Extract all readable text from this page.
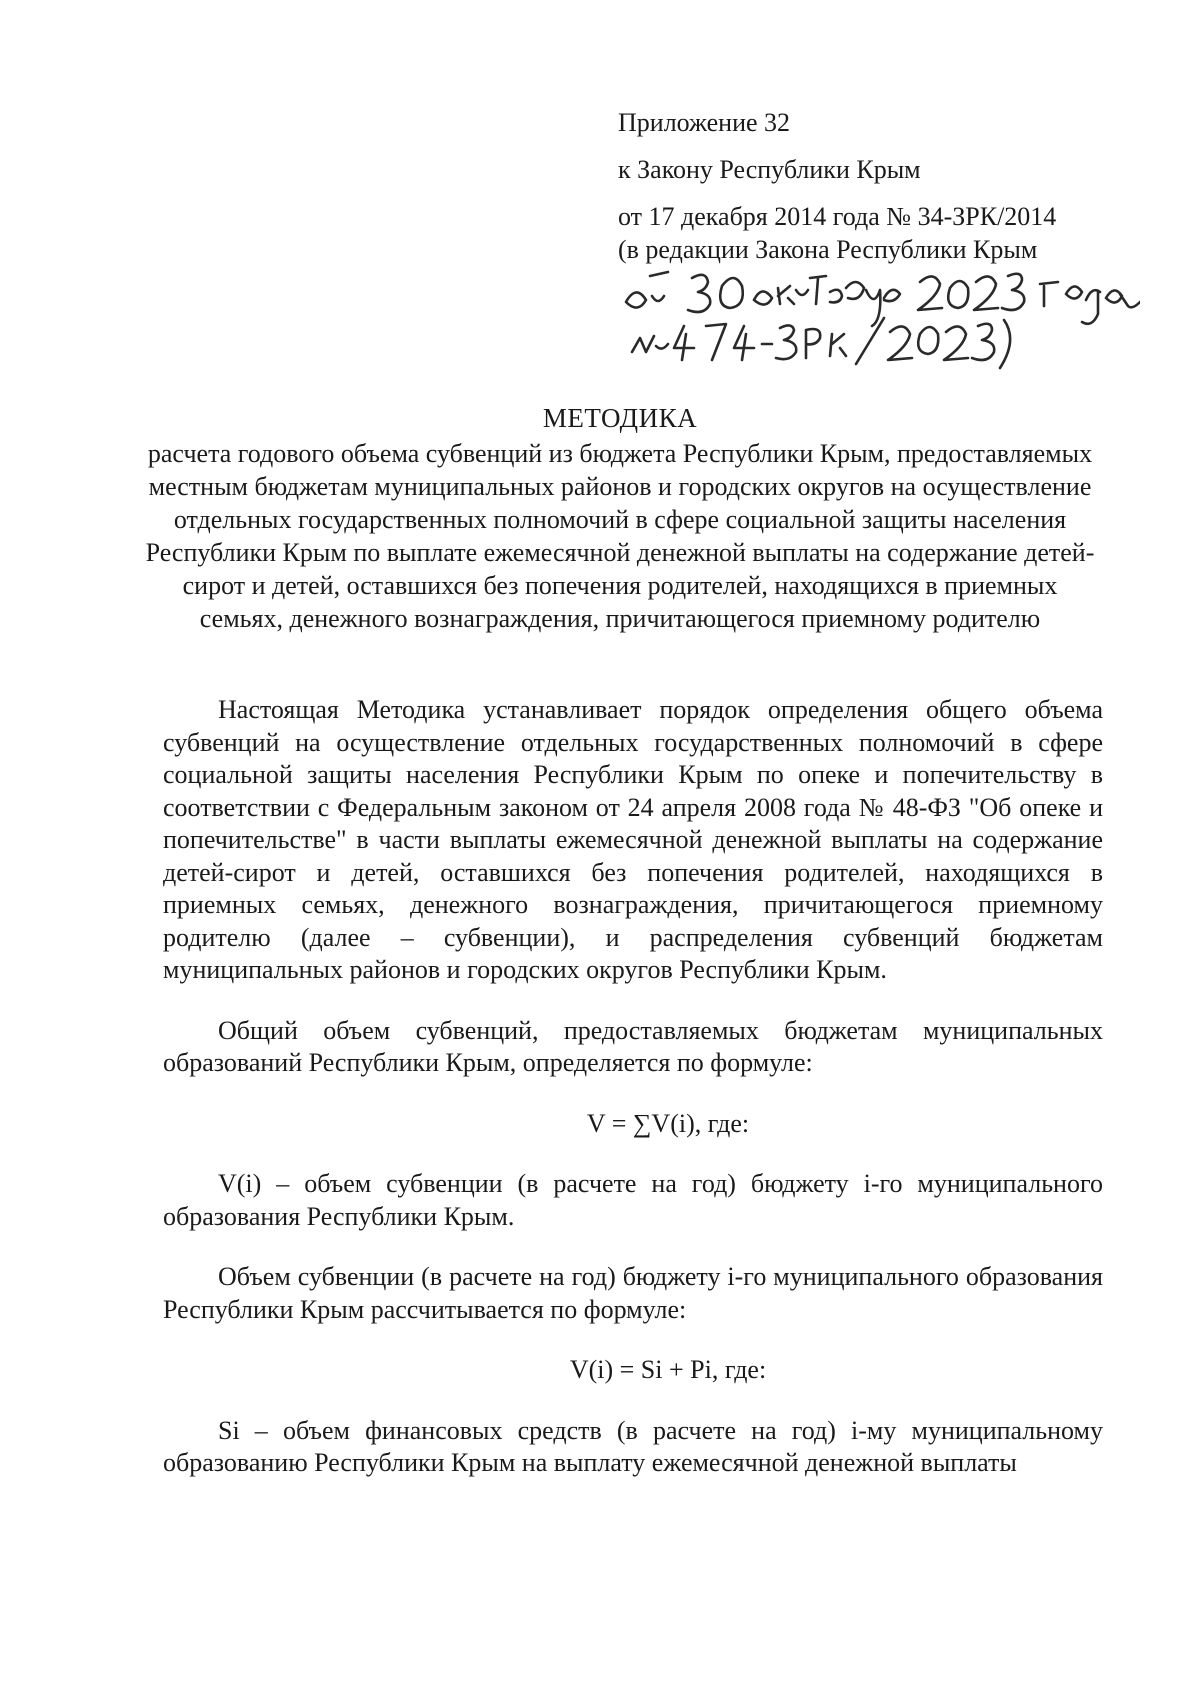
Приложение 32
к Закону Республики Крым
от 17 декабря 2014 года № 34-ЗРК/2014
(в редакции Закона Республики Крым
МЕТОДИКА
расчета годового объема субвенций из бюджета Республики Крым, предоставляемых местным бюджетам муниципальных районов и городских округов на осуществление отдельных государственных полномочий в сфере социальной защиты населения Республики Крым по выплате ежемесячной денежной выплаты на содержание детей-сирот и детей, оставшихся без попечения родителей, находящихся в приемных семьях, денежного вознаграждения, причитающегося приемному родителю

Настоящая Методика устанавливает порядок определения общего объема субвенций на осуществление отдельных государственных полномочий в сфере социальной защиты населения Республики Крым по опеке и попечительству в соответствии с Федеральным законом от 24 апреля 2008 года № 48-ФЗ "Об опеке и попечительстве" в части выплаты ежемесячной денежной выплаты на содержание детей-сирот и детей, оставшихся без попечения родителей, находящихся в приемных семьях, денежного вознаграждения, причитающегося приемному родителю (далее – субвенции), и распределения субвенций бюджетам муниципальных районов и городских округов Республики Крым.

Общий объем субвенций, предоставляемых бюджетам муниципальных образований Республики Крым, определяется по формуле:

V = ∑V(i), где:

V(i) – объем субвенции (в расчете на год) бюджету i-го муниципального образования Республики Крым.

Объем субвенции (в расчете на год) бюджету i-го муниципального образования Республики Крым рассчитывается по формуле:

V(i) = Si + Pi, где:

Si – объем финансовых средств (в расчете на год) i-му муниципальному образованию Республики Крым на выплату ежемесячной денежной выплаты
